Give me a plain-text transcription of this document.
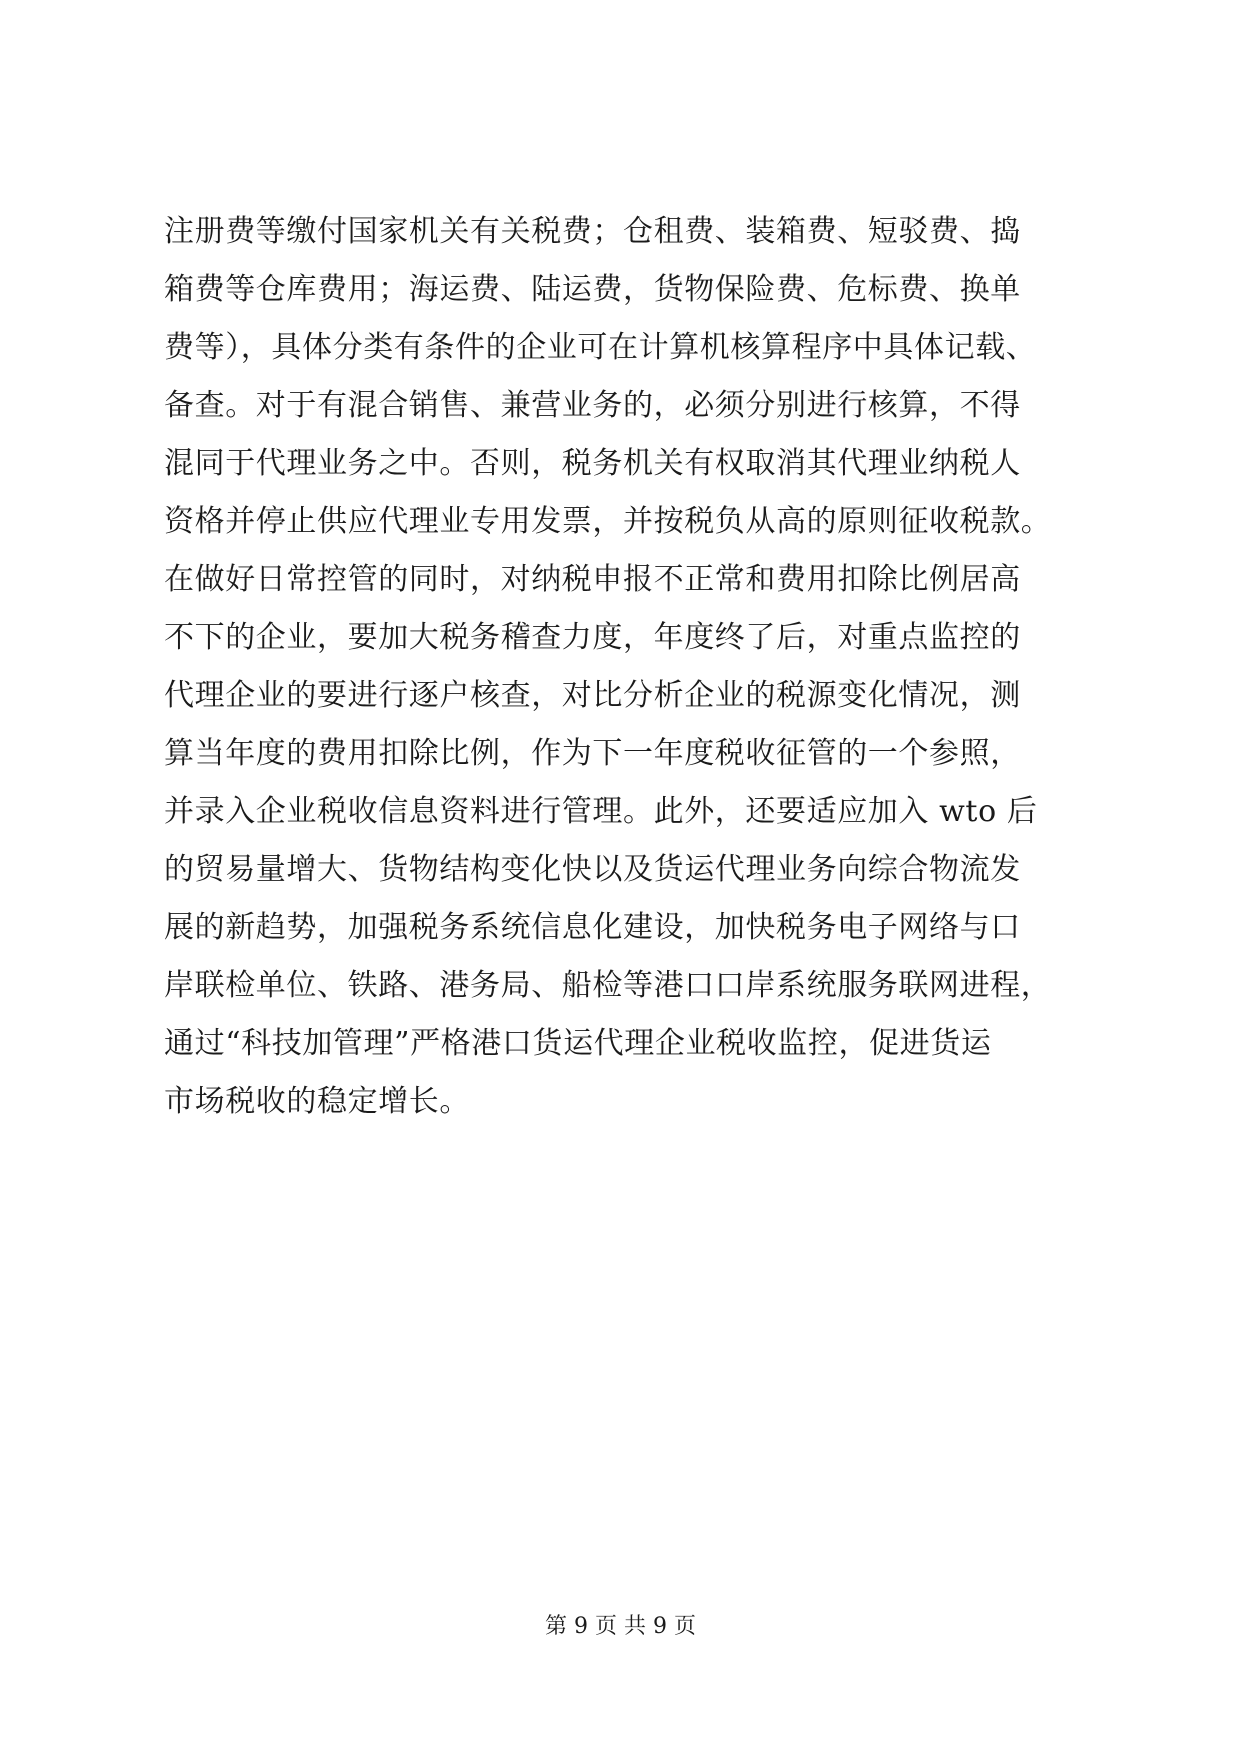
注册费等缴付国家机关有关税费；仓租费、装箱费、短驳费、捣
箱费等仓库费用；海运费、陆运费，货物保险费、危标费、换单
费等），具体分类有条件的企业可在计算机核算程序中具体记载、
备查。对于有混合销售、兼营业务的，必须分别进行核算，不得
混同于代理业务之中。否则，税务机关有权取消其代理业纳税人
资格并停止供应代理业专用发票，并按税负从高的原则征收税款。
在做好日常控管的同时，对纳税申报不正常和费用扣除比例居高
不下的企业，要加大税务稽查力度，年度终了后，对重点监控的
代理企业的要进行逐户核查，对比分析企业的税源变化情况，测
算当年度的费用扣除比例，作为下一年度税收征管的一个参照，
并录入企业税收信息资料进行管理。此外，还要适应加入 wto 后
的贸易量增大、货物结构变化快以及货运代理业务向综合物流发
展的新趋势，加强税务系统信息化建设，加快税务电子网络与口
岸联检单位、铁路、港务局、船检等港口口岸系统服务联网进程，
通过“科技加管理”严格港口货运代理企业税收监控，促进货运
市场税收的稳定增长。
第 9 页 共 9 页
